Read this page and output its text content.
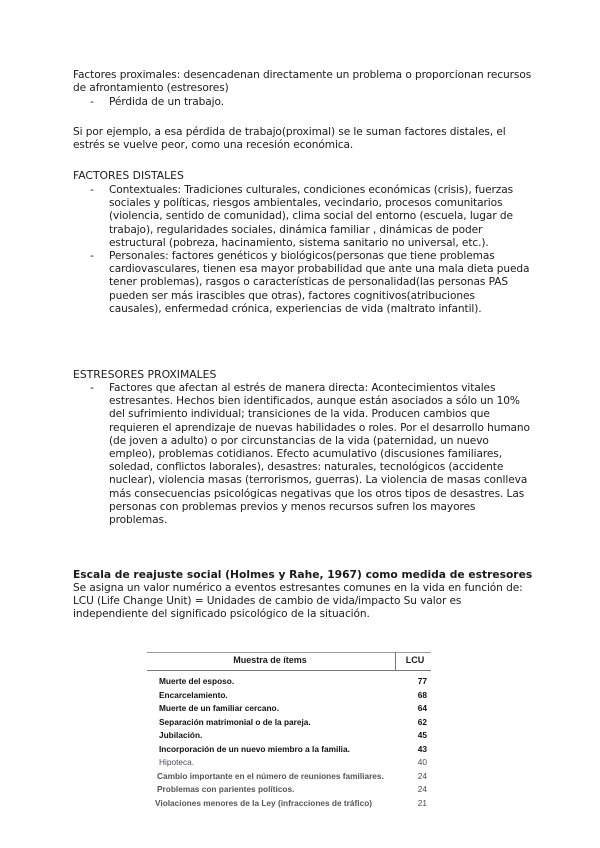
Factores proximales: desencadenan directamente un problema o proporcionan recursos de afrontamiento (estresores)

- Pérdida de un trabajo.

Si por ejemplo, a esa pérdida de trabajo(proximal) se le suman factores distales, el estrés se vuelve peor, como una recesión económica.

FACTORES DISTALES
- Contextuales: Tradiciones culturales, condiciones económicas (crisis), fuerzas sociales y políticas, riesgos ambientales, vecindario, procesos comunitarios (violencia, sentido de comunidad), clima social del entorno (escuela, lugar de trabajo), regularidades sociales, dinámica familiar , dinámicas de poder estructural (pobreza, hacinamiento, sistema sanitario no universal, etc.).
- Personales: factores genéticos y biológicos(personas que tiene problemas cardiovasculares, tienen esa mayor probabilidad que ante una mala dieta pueda tener problemas), rasgos o características de personalidad(las personas PAS pueden ser más irascibles que otras), factores cognitivos(atribuciones causales), enfermedad crónica, experiencias de vida (maltrato infantil).
ESTRESORES PROXIMALES
- Factores que afectan al estrés de manera directa: Acontecimientos vitales estresantes. Hechos bien identificados, aunque están asociados a sólo un 10% del sufrimiento individual; transiciones de la vida. Producen cambios que requieren el aprendizaje de nuevas habilidades o roles. Por el desarrollo humano (de joven a adulto) o por circunstancias de la vida (paternidad, un nuevo empleo), problemas cotidianos. Efecto acumulativo (discusiones familiares, soledad, conflictos laborales), desastres: naturales, tecnológicos (accidente nuclear), violencia masas (terrorismos, guerras). La violencia de masas conlleva más consecuencias psicológicas negativas que los otros tipos de desastres. Las personas con problemas previos y menos recursos sufren los mayores problemas.
Escala de reajuste social (Holmes y Rahe, 1967) como medida de estresores

Se asigna un valor numérico a eventos estresantes comunes en la vida en función de: LCU (Life Change Unit) = Unidades de cambio de vida/impacto Su valor es independiente del significado psicológico de la situación.

Muestra de ítems	LCU
Muerte del esposo.	77
Encarcelamiento.	68
Muerte de un familiar cercano.	64
Separación matrimonial o de la pareja.	62
Jubilación.	45
Incorporación de un nuevo miembro a la familia.	43
Hipoteca.	40
Cambio importante en el número de reuniones familiares.	24
Problemas con parientes políticos.	24
Violaciones menores de la Ley (infracciones de tráfico)	21
